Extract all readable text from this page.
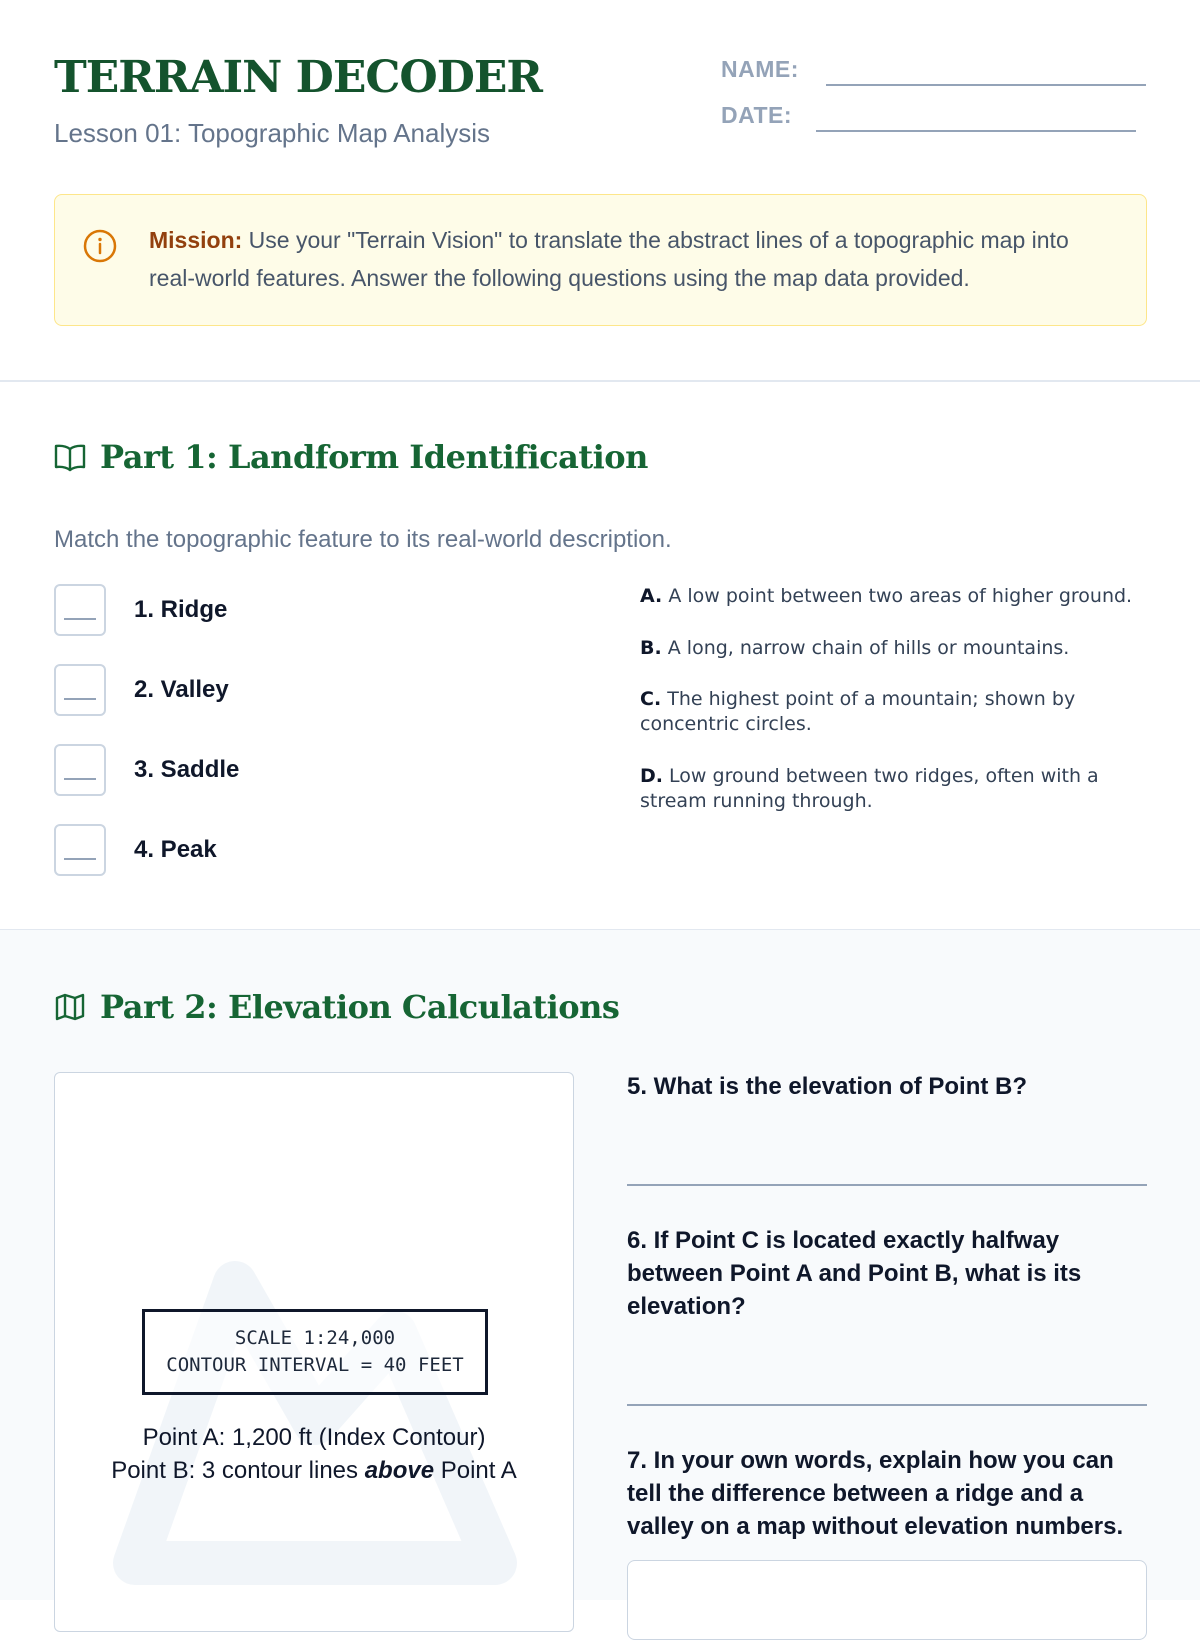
TERRAIN DECODER
Lesson 01: Topographic Map Analysis
NAME:
DATE:
Mission: Use your "Terrain Vision" to translate the abstract lines of a topographic map into real-world features. Answer the following questions using the map data provided.
Part 1: Landform Identification
Match the topographic feature to its real-world description.
1. Ridge
2. Valley
3. Saddle
4. Peak
A. A low point between two areas of higher ground.
B. A long, narrow chain of hills or mountains.
C. The highest point of a mountain; shown by concentric circles.
D. Low ground between two ridges, often with a stream running through.
Part 2: Elevation Calculations
SCALE 1:24,000
CONTOUR INTERVAL = 40 FEET
Point A: 1,200 ft (Index Contour)
Point B: 3 contour lines above Point A
5. What is the elevation of Point B?
6. If Point C is located exactly halfway between Point A and Point B, what is its elevation?
7. In your own words, explain how you can tell the difference between a ridge and a valley on a map without elevation numbers.
